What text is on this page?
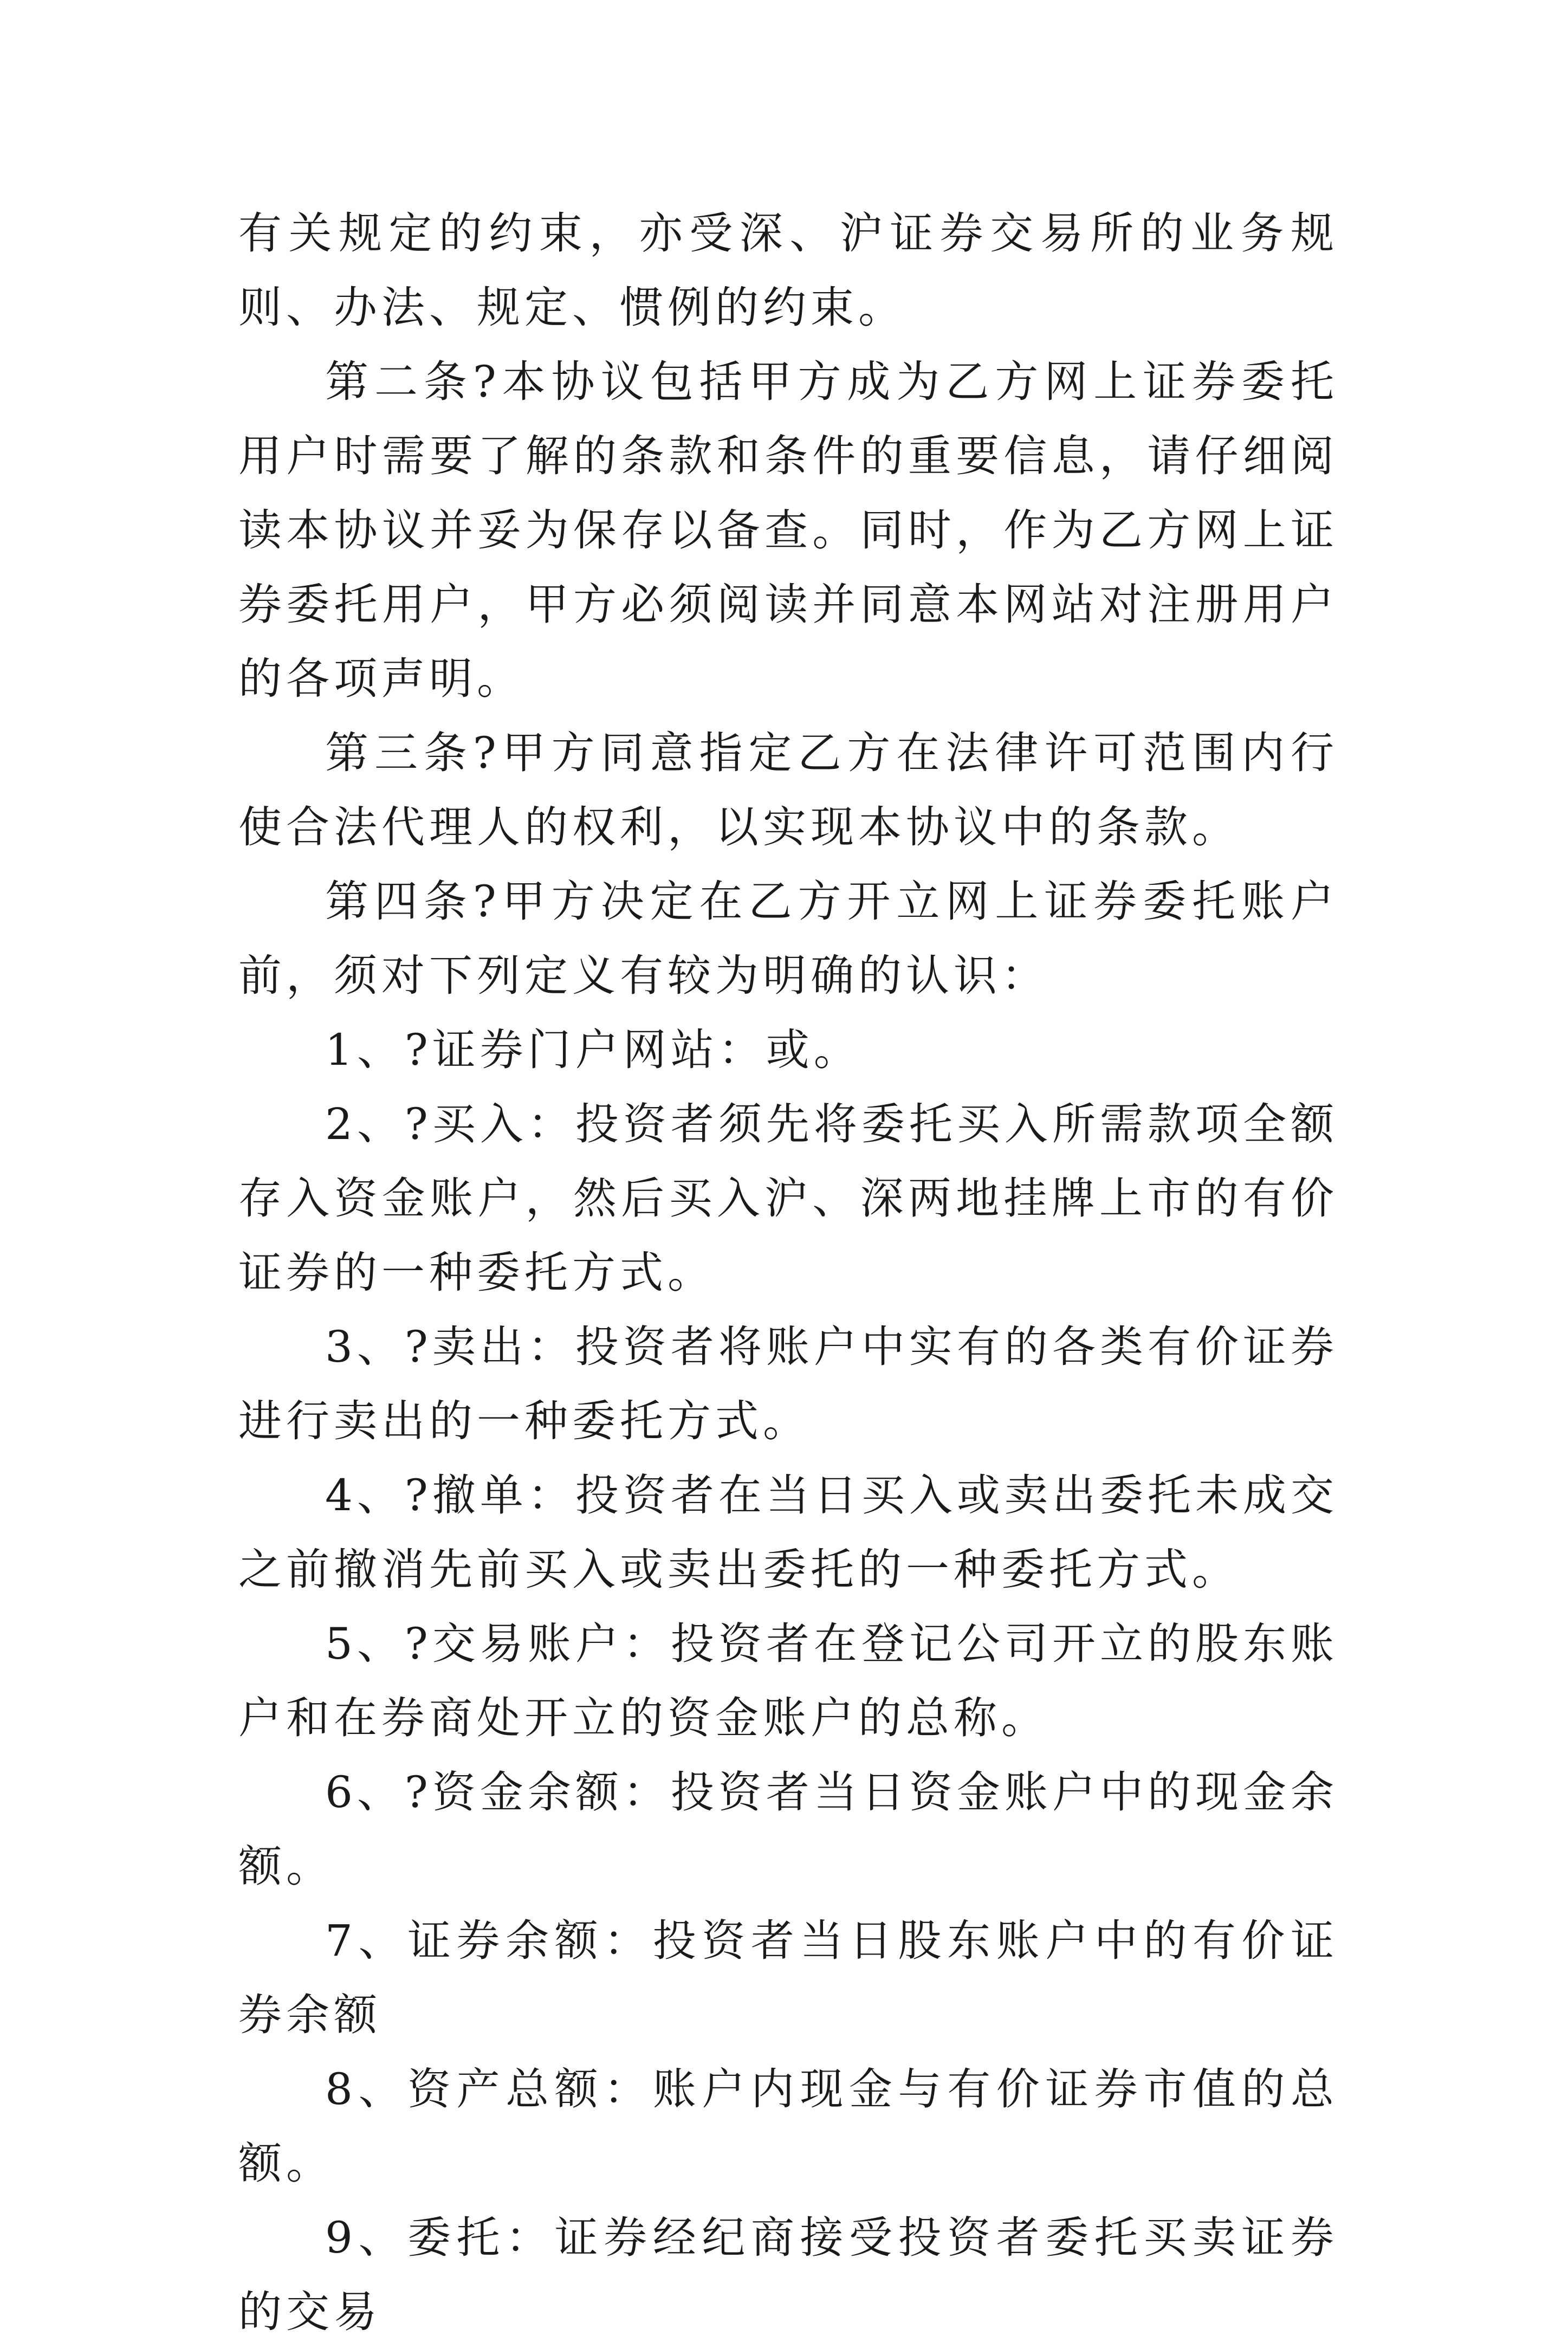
有关规定的约束，亦受深、沪证券交易所的业务规则、办法、规定、惯例的约束。

第二条?本协议包括甲方成为乙方网上证券委托用户时需要了解的条款和条件的重要信息，请仔细阅读本协议并妥为保存以备查。同时，作为乙方网上证券委托用户，甲方必须阅读并同意本网站对注册用户的各项声明。

第三条?甲方同意指定乙方在法律许可范围内行使合法代理人的权利，以实现本协议中的条款。

第四条?甲方决定在乙方开立网上证券委托账户前，须对下列定义有较为明确的认识：

1、?证券门户网站：或。

2、?买入：投资者须先将委托买入所需款项全额存入资金账户，然后买入沪、深两地挂牌上市的有价证券的一种委托方式。

3、?卖出：投资者将账户中实有的各类有价证券进行卖出的一种委托方式。

4、?撤单：投资者在当日买入或卖出委托未成交之前撤消先前买入或卖出委托的一种委托方式。

5、?交易账户：投资者在登记公司开立的股东账户和在券商处开立的资金账户的总称。

6、?资金余额：投资者当日资金账户中的现金余额。

7、证券余额：投资者当日股东账户中的有价证券余额

8、资产总额：账户内现金与有价证券市值的总额。

9、委托：证券经纪商接受投资者委托买卖证券的交易
